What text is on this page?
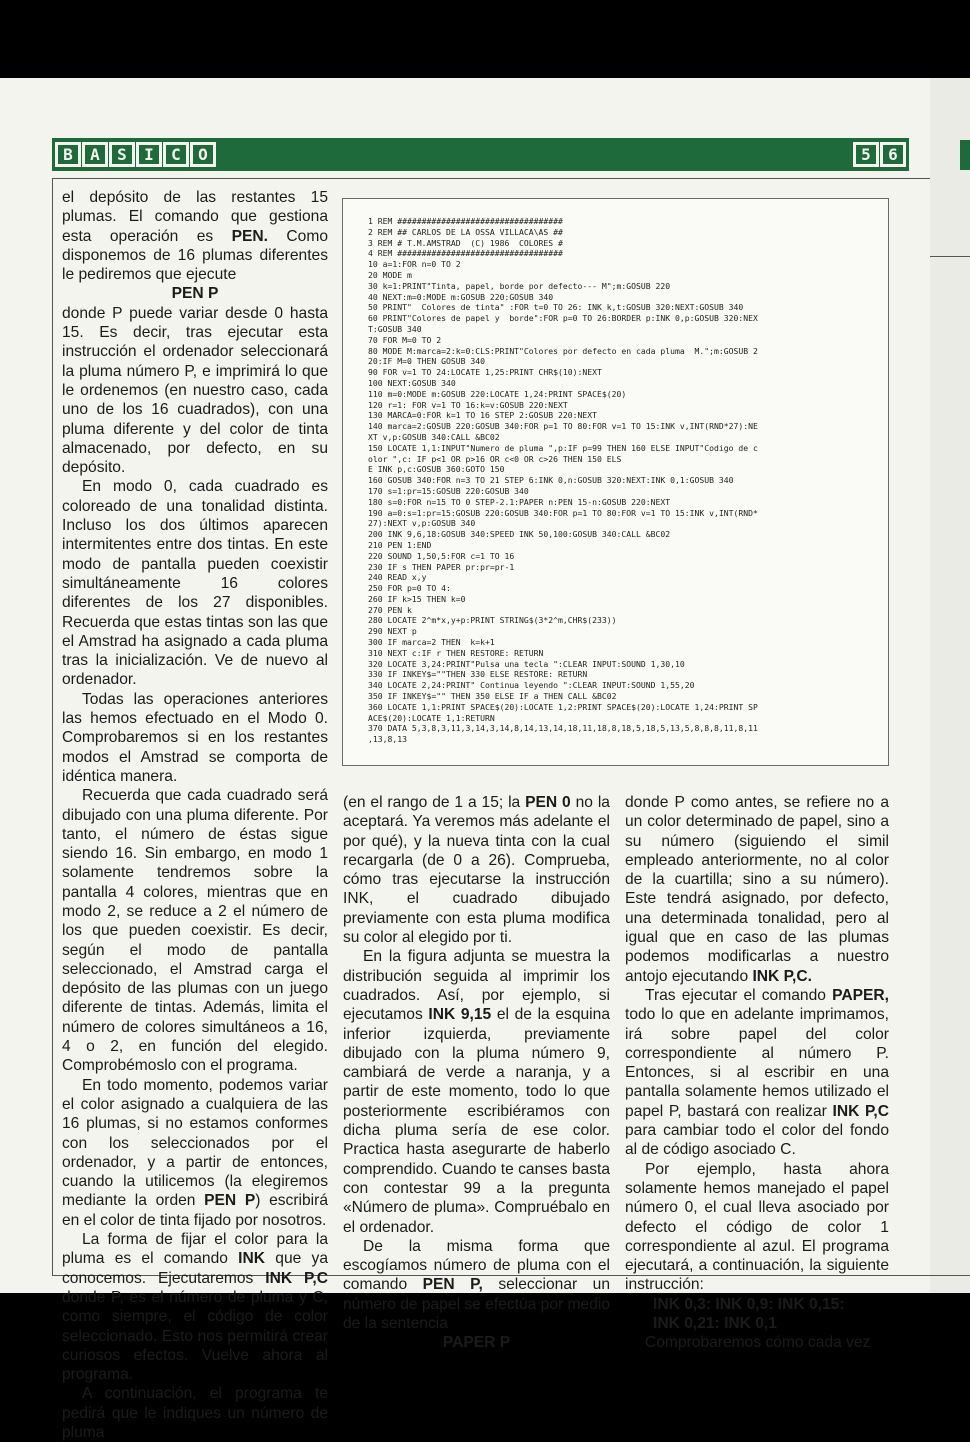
B	A	S	I	C	O	5	6

el depósito de las restantes 15 plumas. El comando que gestiona esta operación es PEN. Como disponemos de 16 plumas diferentes le pediremos que ejecute

PEN P

donde P puede variar desde 0 hasta 15. Es decir, tras ejecutar esta instrucción el ordenador seleccionará la pluma número P, e imprimirá lo que le ordenemos (en nuestro caso, cada uno de los 16 cuadrados), con una pluma diferente y del color de tinta almacenado, por defecto, en su depósito.

En modo 0, cada cuadrado es coloreado de una tonalidad distinta. Incluso los dos últimos aparecen intermitentes entre dos tintas. En este modo de pantalla pueden coexistir simultáneamente 16 colores diferentes de los 27 disponibles. Recuerda que estas tintas son las que el Amstrad ha asignado a cada pluma tras la inicialización. Ve de nuevo al ordenador.

Todas las operaciones anteriores las hemos efectuado en el Modo 0. Comprobaremos si en los restantes modos el Amstrad se comporta de idéntica manera.

Recuerda que cada cuadrado será dibujado con una pluma diferente. Por tanto, el número de éstas sigue siendo 16. Sin embargo, en modo 1 solamente tendremos sobre la pantalla 4 colores, mientras que en modo 2, se reduce a 2 el número de los que pueden coexistir. Es decir, según el modo de pantalla seleccionado, el Amstrad carga el depósito de las plumas con un juego diferente de tintas. Además, limita el número de colores simultáneos a 16, 4 o 2, en función del elegido. Comprobémoslo con el programa.

En todo momento, podemos variar el color asignado a cualquiera de las 16 plumas, si no estamos conformes con los seleccionados por el ordenador, y a partir de entonces, cuando la utilicemos (la elegiremos mediante la orden PEN P) escribirá en el color de tinta fijado por nosotros.

La forma de fijar el color para la pluma es el comando INK que ya conocemos. Ejecutaremos INK P,C donde P, es el número de pluma y C, como siempre, el código de color seleccionado. Esto nos permitirá crear curiosos efectos. Vuelve ahora al programa.

A continuación, el programa te pedirá que le indiques un número de pluma

1 REM ##################################
2 REM ## CARLOS DE LA OSSA VILLACA\AS ##
3 REM # T.M.AMSTRAD  (C) 1986  COLORES #
4 REM ##################################
10 a=1:FOR n=0 TO 2
20 MODE m
30 k=1:PRINT"Tinta, papel, borde por defecto--- M";m:GOSUB 220
40 NEXT:m=0:MODE m:GOSUB 220:GOSUB 340
50 PRINT"  Colores de tinta" :FOR t=0 TO 26: INK k,t:GOSUB 320:NEXT:GOSUB 340
60 PRINT"Colores de papel y  borde":FOR p=0 TO 26:BORDER p:INK 0,p:GOSUB 320:NEX
T:GOSUB 340
70 FOR M=0 TO 2
80 MODE M:marca=2:k=0:CLS:PRINT"Colores por defecto en cada pluma  M.";m:GOSUB 2
20:IF M=0 THEN GOSUB 340
90 FOR v=1 TO 24:LOCATE 1,25:PRINT CHR$(10):NEXT
100 NEXT:GOSUB 340
110 m=0:MODE m:GOSUB 220:LOCATE 1,24:PRINT SPACE$(20)
120 r=1: FOR v=1 TO 16:k=v:GOSUB 220:NEXT
130 MARCA=0:FOR k=1 TO 16 STEP 2:GOSUB 220:NEXT
140 marca=2:GOSUB 220:GOSUB 340:FOR p=1 TO 80:FOR v=1 TO 15:INK v,INT(RND*27):NE
XT v,p:GOSUB 340:CALL &BC02
150 LOCATE 1,1:INPUT"Numero de pluma ",p:IF p=99 THEN 160 ELSE INPUT"Codigo de c
olor ",c: IF p<1 OR p>16 OR c<0 OR c>26 THEN 150 ELS
E INK p,c:GOSUB 360:GOTO 150
160 GOSUB 340:FOR n=3 TO 21 STEP 6:INK 0,n:GOSUB 320:NEXT:INK 0,1:GOSUB 340
170 s=1:pr=15:GOSUB 220:GOSUB 340
180 s=0:FOR n=15 TO 0 STEP-2.1:PAPER n:PEN 15-n:GOSUB 220:NEXT
190 a=0:s=1:pr=15:GOSUB 220:GOSUB 340:FOR p=1 TO 80:FOR v=1 TO 15:INK v,INT(RND*
27):NEXT v,p:GOSUB 340
200 INK 9,6,18:GOSUB 340:SPEED INK 50,100:GOSUB 340:CALL &BC02
210 PEN 1:END
220 SOUND 1,50,5:FOR c=1 TO 16
230 IF s THEN PAPER pr:pr=pr-1
240 READ x,y
250 FOR p=0 TO 4:
260 IF k>15 THEN k=0
270 PEN k
280 LOCATE 2^m*x,y+p:PRINT STRING$(3*2^m,CHR$(233))
290 NEXT p
300 IF marca=2 THEN  k=k+1
310 NEXT c:IF r THEN RESTORE: RETURN
320 LOCATE 3,24:PRINT"Pulsa una tecla ":CLEAR INPUT:SOUND 1,30,10
330 IF INKEY$=""THEN 330 ELSE RESTORE: RETURN
340 LOCATE 2,24:PRINT" Continua leyendo ":CLEAR INPUT:SOUND 1,55,20
350 IF INKEY$="" THEN 350 ELSE IF a THEN CALL &BC02
360 LOCATE 1,1:PRINT SPACE$(20):LOCATE 1,2:PRINT SPACE$(20):LOCATE 1,24:PRINT SP
ACE$(20):LOCATE 1,1:RETURN
370 DATA 5,3,8,3,11,3,14,3,14,8,14,13,14,18,11,18,8,18,5,18,5,13,5,8,8,8,11,8,11
,13,8,13

(en el rango de 1 a 15; la PEN 0 no la aceptará. Ya veremos más adelante el por qué), y la nueva tinta con la cual recargarla (de 0 a 26). Comprueba, cómo tras ejecutarse la instrucción INK, el cuadrado dibujado previamente con esta pluma modifica su color al elegido por ti.

En la figura adjunta se muestra la distribución seguida al imprimir los cuadrados. Así, por ejemplo, si ejecutamos INK 9,15 el de la esquina inferior izquierda, previamente dibujado con la pluma número 9, cambiará de verde a naranja, y a partir de este momento, todo lo que posteriormente escribiéramos con dicha pluma sería de ese color. Practica hasta asegurarte de haberlo comprendido. Cuando te canses basta con contestar 99 a la pregunta «Número de pluma». Compruébalo en el ordenador.

De la misma forma que escogíamos número de pluma con el comando PEN P, seleccionar un número de papel se efectúa por medio de la sentencia

PAPER P

donde P como antes, se refiere no a un color determinado de papel, sino a su número (siguiendo el simil empleado anteriormente, no al color de la cuartilla; sino a su número). Este tendrá asignado, por defecto, una determinada tonalidad, pero al igual que en caso de las plumas podemos modificarlas a nuestro antojo ejecutando INK P,C.

Tras ejecutar el comando PAPER, todo lo que en adelante imprimamos, irá sobre papel del color correspondiente al número P. Entonces, si al escribir en una pantalla solamente hemos utilizado el papel P, bastará con realizar INK P,C para cambiar todo el color del fondo al de código asociado C.

Por ejemplo, hasta ahora solamente hemos manejado el papel número 0, el cual lleva asociado por defecto el código de color 1 correspondiente al azul. El programa ejecutará, a continuación, la siguiente instrucción:

INK 0,3: INK 0,9: INK 0,15:

INK 0,21: INK 0,1

Comprobaremos cómo cada vez
